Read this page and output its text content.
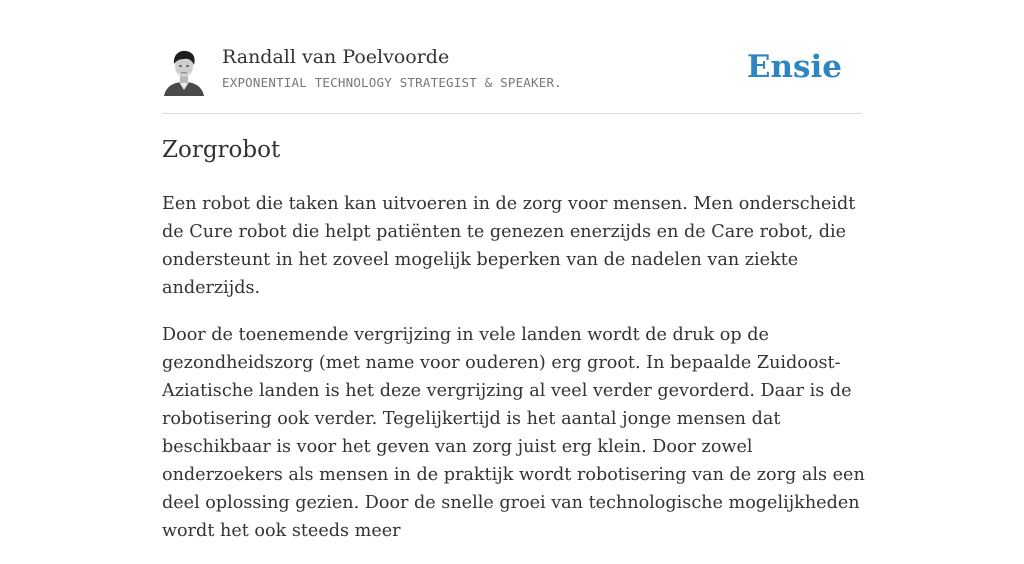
Randall van Poelvoorde
EXPONENTIAL TECHNOLOGY STRATEGIST & SPEAKER.	Ensie
Zorgrobot

Een robot die taken kan uitvoeren in de zorg voor mensen. Men onderscheidt de Cure robot die helpt patiënten te genezen enerzijds en de Care robot, die ondersteunt in het zoveel mogelijk beperken van de nadelen van ziekte anderzijds.

Door de toenemende vergrijzing in vele landen wordt de druk op de gezondheidszorg (met name voor ouderen) erg groot. In bepaalde Zuidoost-Aziatische landen is het deze vergrijzing al veel verder gevorderd. Daar is de robotisering ook verder. Tegelijkertijd is het aantal jonge mensen dat beschikbaar is voor het geven van zorg juist erg klein. Door zowel onderzoekers als mensen in de praktijk wordt robotisering van de zorg als een deel oplossing gezien. Door de snelle groei van technologische mogelijkheden wordt het ook steeds meer
